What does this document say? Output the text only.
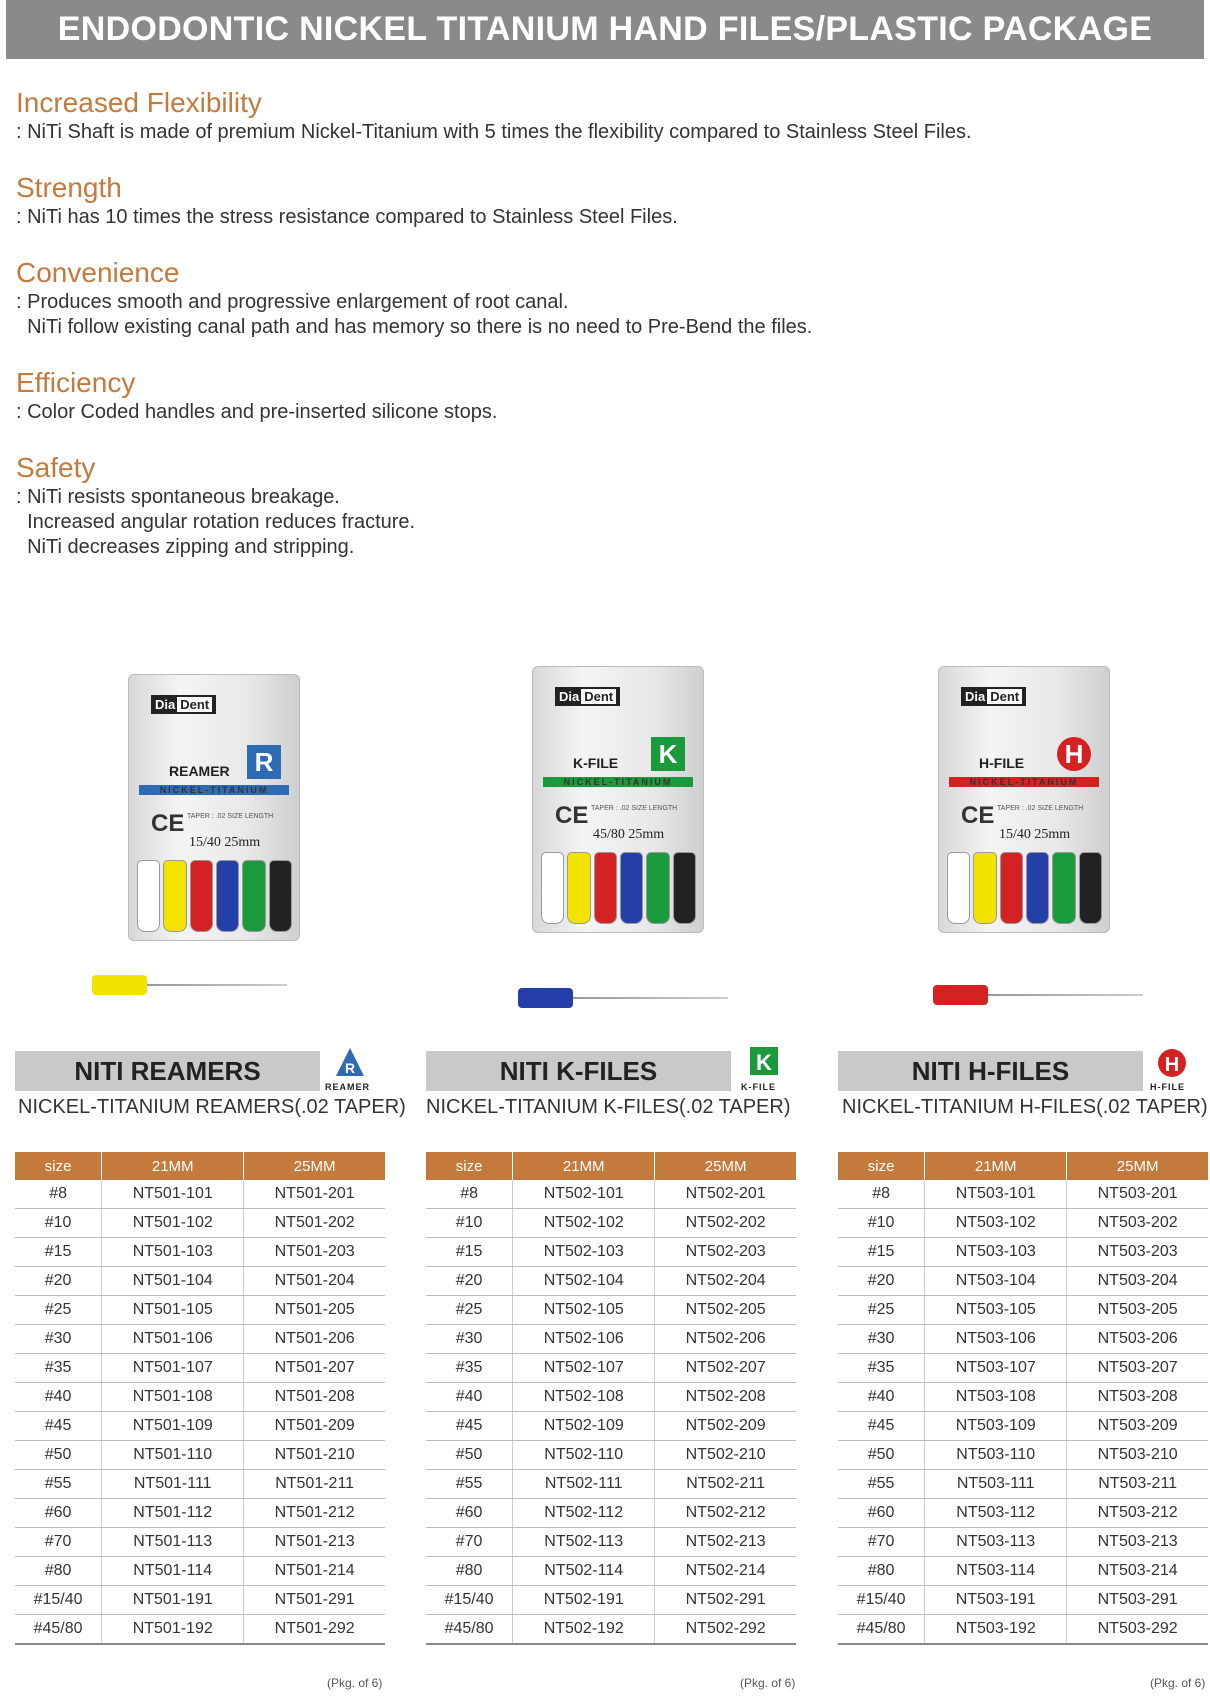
ENDODONTIC NICKEL TITANIUM HAND FILES/PLASTIC PACKAGE
Increased Flexibility
: NiTi Shaft is made of premium Nickel-Titanium with 5 times the flexibility compared to Stainless Steel Files.
Strength
: NiTi has 10 times the stress resistance compared to Stainless Steel Files.
Convenience
: Produces smooth and progressive enlargement of root canal.
NiTi follow existing canal path and has memory so there is no need to Pre-Bend the files.
Efficiency
: Color Coded handles and pre-inserted silicone stops.
Safety
: NiTi resists spontaneous breakage.
Increased angular rotation reduces fracture.
NiTi decreases zipping and stripping.
Dia Dent
REAMER R
NICKEL-TITANIUM
CE TAPER : .02 SIZE LENGTH
15/40 25mm
Dia Dent
K-FILE K
NICKEL-TITANIUM
CE TAPER : .02 SIZE LENGTH
45/80 25mm
Dia Dent
H-FILE H
NICKEL-TITANIUM
CE TAPER : .02 SIZE LENGTH
15/40 25mm
NITI REAMERS	R
REAMER
NICKEL-TITANIUM REAMERS(.02 TAPER)
NITI K-FILES	K
K-FILE
NICKEL-TITANIUM K-FILES(.02 TAPER)
NITI H-FILES	H
H-FILE
NICKEL-TITANIUM H-FILES(.02 TAPER)
size	21MM	25MM
#8	NT501-101	NT501-201
#10	NT501-102	NT501-202
#15	NT501-103	NT501-203
#20	NT501-104	NT501-204
#25	NT501-105	NT501-205
#30	NT501-106	NT501-206
#35	NT501-107	NT501-207
#40	NT501-108	NT501-208
#45	NT501-109	NT501-209
#50	NT501-110	NT501-210
#55	NT501-111	NT501-211
#60	NT501-112	NT501-212
#70	NT501-113	NT501-213
#80	NT501-114	NT501-214
#15/40	NT501-191	NT501-291
#45/80	NT501-192	NT501-292
size	21MM	25MM
#8	NT502-101	NT502-201
#10	NT502-102	NT502-202
#15	NT502-103	NT502-203
#20	NT502-104	NT502-204
#25	NT502-105	NT502-205
#30	NT502-106	NT502-206
#35	NT502-107	NT502-207
#40	NT502-108	NT502-208
#45	NT502-109	NT502-209
#50	NT502-110	NT502-210
#55	NT502-111	NT502-211
#60	NT502-112	NT502-212
#70	NT502-113	NT502-213
#80	NT502-114	NT502-214
#15/40	NT502-191	NT502-291
#45/80	NT502-192	NT502-292
size	21MM	25MM
#8	NT503-101	NT503-201
#10	NT503-102	NT503-202
#15	NT503-103	NT503-203
#20	NT503-104	NT503-204
#25	NT503-105	NT503-205
#30	NT503-106	NT503-206
#35	NT503-107	NT503-207
#40	NT503-108	NT503-208
#45	NT503-109	NT503-209
#50	NT503-110	NT503-210
#55	NT503-111	NT503-211
#60	NT503-112	NT503-212
#70	NT503-113	NT503-213
#80	NT503-114	NT503-214
#15/40	NT503-191	NT503-291
#45/80	NT503-192	NT503-292
(Pkg. of 6)	(Pkg. of 6)	(Pkg. of 6)
